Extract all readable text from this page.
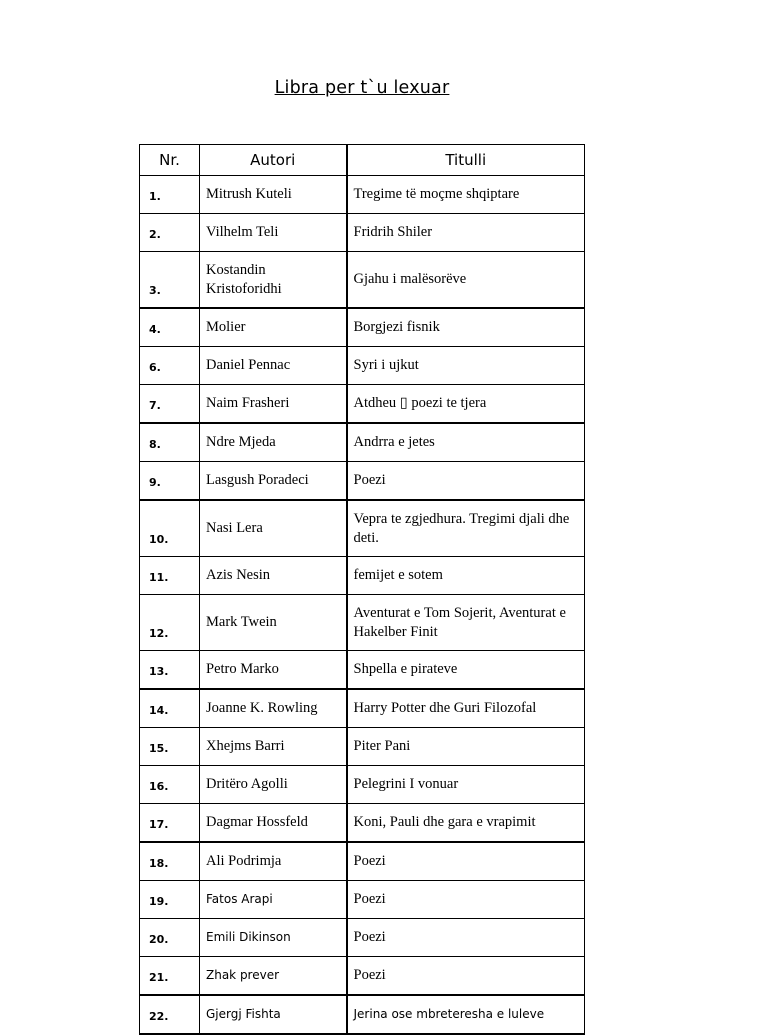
Libra per t`u lexuar
Nr.	Autori	Titulli
1.	Mitrush Kuteli	Tregime të moçme shqiptare
2.	Vilhelm Teli	Fridrih Shiler
3.	Kostandin Kristoforidhi	Gjahu i malësorëve
4.	Molier	Borgjezi fisnik
6.	Daniel Pennac	Syri i ujkut
7.	Naim Frasheri	Atdheu ▯ poezi te tjera
8.	Ndre Mjeda	Andrra e jetes
9.	Lasgush Poradeci	Poezi
10.	Nasi Lera	Vepra te zgjedhura. Tregimi djali dhe deti.
11.	Azis Nesin	femijet e sotem
12.	Mark Twein	Aventurat e Tom Sojerit, Aventurat e Hakelber Finit
13.	Petro Marko	Shpella e pirateve
14.	Joanne K. Rowling	Harry Potter dhe Guri Filozofal
15.	Xhejms Barri	Piter Pani
16.	Dritëro Agolli	Pelegrini I vonuar
17.	Dagmar Hossfeld	Koni, Pauli dhe gara e vrapimit
18.	Ali Podrimja	Poezi
19.	Fatos Arapi	Poezi
20.	Emili Dikinson	Poezi
21.	Zhak prever	Poezi
22.	Gjergj Fishta	Jerina ose mbreteresha e luleve
